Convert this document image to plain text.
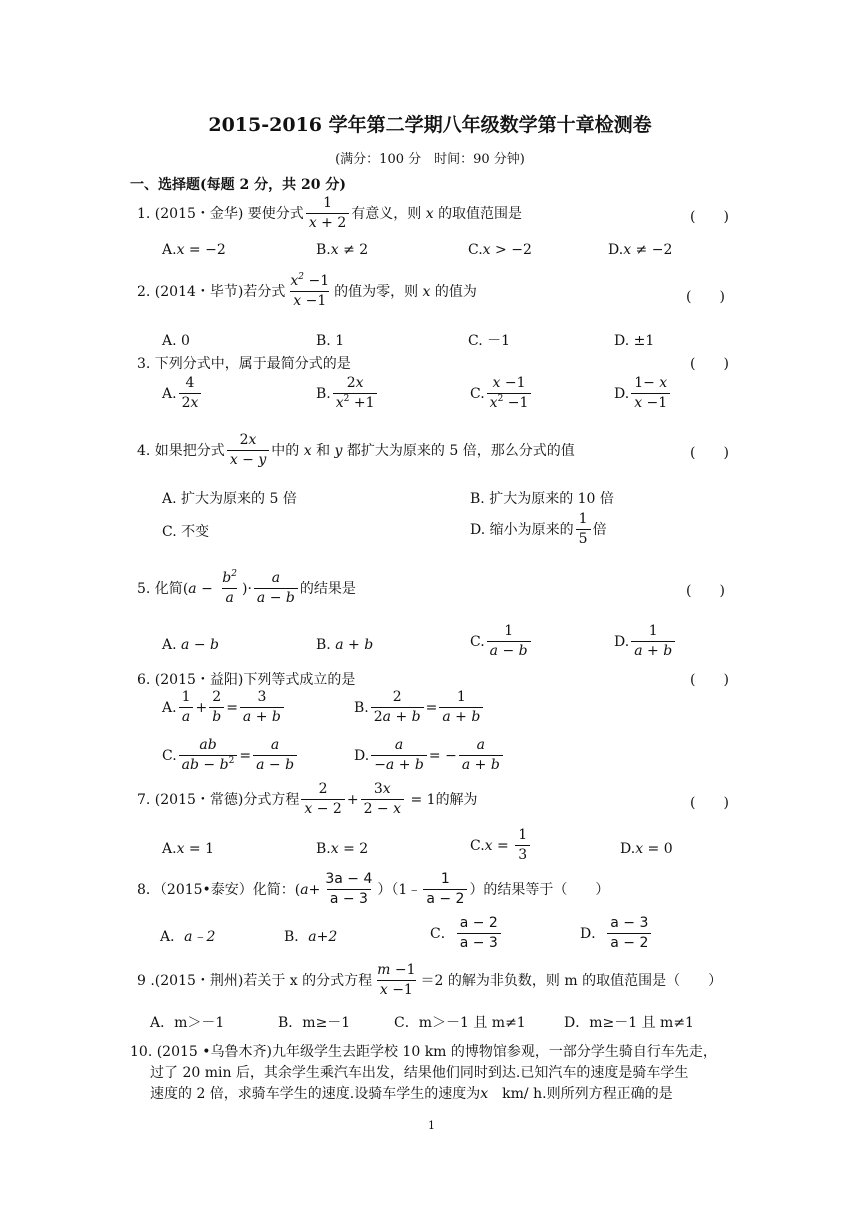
2015-2016 学年第二学期八年级数学第十章检测卷
(满分：100 分　时间：90 分钟)
一、选择题(每题 2 分，共 20 分)
1. (2015・金华) 要使分式 $\frac{1}{x + 2}$ 有意义，则 x 的取值范围是	(　　)
A.x = −2	B.x ≠ 2	C.x > −2	D.x ≠ −2
2. (2014・毕节)若分式 $\frac{x^2 -1}{x -1}$ 的值为零，则 x 的值为	(　　)
A. 0	B. 1	C. －1	D. ±1
3. 下列分式中，属于最简分式的是	(　　)
A. $\frac{4}{2x}$	B. $\frac{2x}{x^2 +1}$	C. $\frac{x -1}{x^2 -1}$	D. $\frac{1- x}{x -1}$
4. 如果把分式 $\frac{2x}{x - y}$ 中的 x 和 y 都扩大为原来的 5 倍，那么分式的值	(　　)
A. 扩大为原来的 5 倍	B. 扩大为原来的 10 倍
C. 不变	D. 缩小为原来的 $\frac{1}{5}$ 倍
5. 化简($a - \frac{b^2}{a}$ )· $\frac{a}{a - b}$ 的结果是	(　　)
A. a − b	B. a + b	C. $\frac{1}{a - b}$	D. $\frac{1}{a + b}$
6. (2015・益阳)下列等式成立的是	(　　)
A. $\frac{1}{a} + \frac{2}{b} = \frac{3}{a + b}$	B. $\frac{2}{2a + b} = \frac{1}{a + b}$
C. $\frac{ab}{ab - b^2} = \frac{a}{a - b}$	D. $\frac{a}{-a + b}$ = − $\frac{a}{a + b}$
7. (2015・常德)分式方程 $\frac{2}{x - 2} + \frac{3x}{2 - x} = 1$的解为	(　　)
A.x = 1	B.x = 2	$C.x = \frac{1}{3}$	D.x = 0
8．（2015•泰安）化简：($a+ \frac{3a - 4}{a - 3}$ ）（1﹣ $\frac{1}{a - 2}$ ）的结果等于（　　）
A．a﹣2	B．a+2	C． $\frac{a - 2}{a - 3}$	D． $\frac{a - 3}{a - 2}$
9 .(2015・荆州)若关于 x 的分式方程 $\frac{m -1}{x -1} =2$ 的解为非负数，则 m 的取值范围是（　　）
A．m＞－1	B．m≥－1	C．m＞－1 且 m≠1	D．m≥－1 且 m≠1
10. (2015 •乌鲁木齐)九年级学生去距学校 10 km 的博物馆参观，一部分学生骑自行车先走，
过了 20 min 后，其余学生乘汽车出发，结果他们同时到达.已知汽车的速度是骑车学生
速度的 2 倍，求骑车学生的速度.设骑车学生的速度为x　 km/ h.则所列方程正确的是
1
